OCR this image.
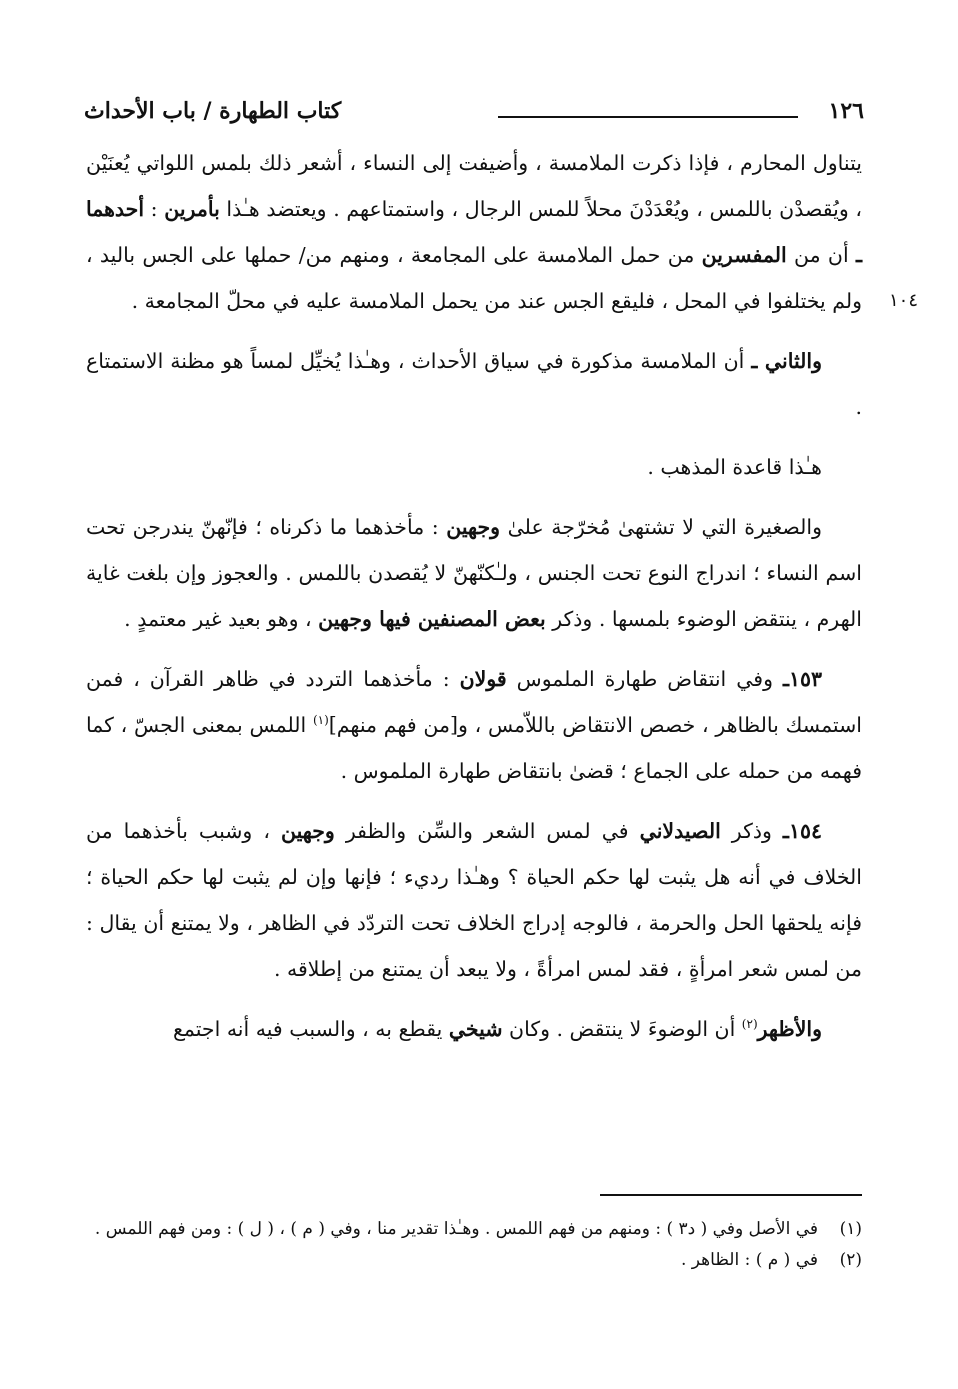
١٢٦
كتاب الطهارة / باب الأحداث

يتناول المحارم ، فإذا ذكرت الملامسة ، وأضيفت إلى النساء ، أشعر ذلك بلمس اللواتي يُعنَيْن ، ويُقصدْن باللمس ، ويُعْدَدْنَ محلاً للمس الرجال ، واستمتاعهم . ويعتضد هـٰذا بأمرين : أحدهما ـ أن من المفسرين من حمل الملامسة على المجامعة ، ومنهم من/ حملها على الجس باليد ، ولم يختلفوا في المحل ، فليقع الجس عند من يحمل الملامسة عليه في محلّ المجامعة .

والثاني ـ أن الملامسة مذكورة في سياق الأحداث ، وهـٰذا يُخيِّل لمساً هو مظنة الاستمتاع .

هـٰذا قاعدة المذهب .

والصغيرة التي لا تشتهىٰ مُخرّجة علىٰ وجهين : مأخذهما ما ذكرناه ؛ فإنّهنّ يندرجن تحت اسم النساء ؛ اندراج النوع تحت الجنس ، ولـٰكنّهنّ لا يُقصدن باللمس . والعجوز وإن بلغت غاية الهرم ، ينتقض الوضوء بلمسها . وذكر بعض المصنفين فيها وجهين ، وهو بعيد غير معتمدٍ .

١٥٣ـ وفي انتقاض طهارة الملموس قولان : مأخذهما التردد في ظاهر القرآن ، فمن استمسك بالظاهر ، خصص الانتقاض باللاّمس ، و[من فهم منهم]$^{(١)}$ اللمس بمعنى الجسّ ، كما فهمه من حمله على الجماع ؛ قضىٰ بانتقاض طهارة الملموس .

١٥٤ـ وذكر الصيدلاني في لمس الشعر والسِّن والظفر وجهين ، وشبب بأخذهما من الخلاف في أنه هل يثبت لها حكم الحياة ؟ وهـٰذا رديء ؛ فإنها وإن لم يثبت لها حكم الحياة ؛ فإنه يلحقها الحل والحرمة ، فالوجه إدراج الخلاف تحت التردّد في الظاهر ، ولا يمتنع أن يقال : من لمس شعر امرأةٍ ، فقد لمس امرأةً ، ولا يبعد أن يمتنع من إطلاقه .

والأظهر$^{(٢)}$ أن الوضوءَ لا ينتقض . وكان شيخي يقطع به ، والسبب فيه أنه اجتمع

١٠٤
(١)
في الأصل وفي ( د٣ ) : ومنهم من فهم اللمس . وهـٰذا تقدير منا ، وفي ( م ) ، ( ل ) : ومن فهم اللمس .
(٢)
في ( م ) : الظاهر .
